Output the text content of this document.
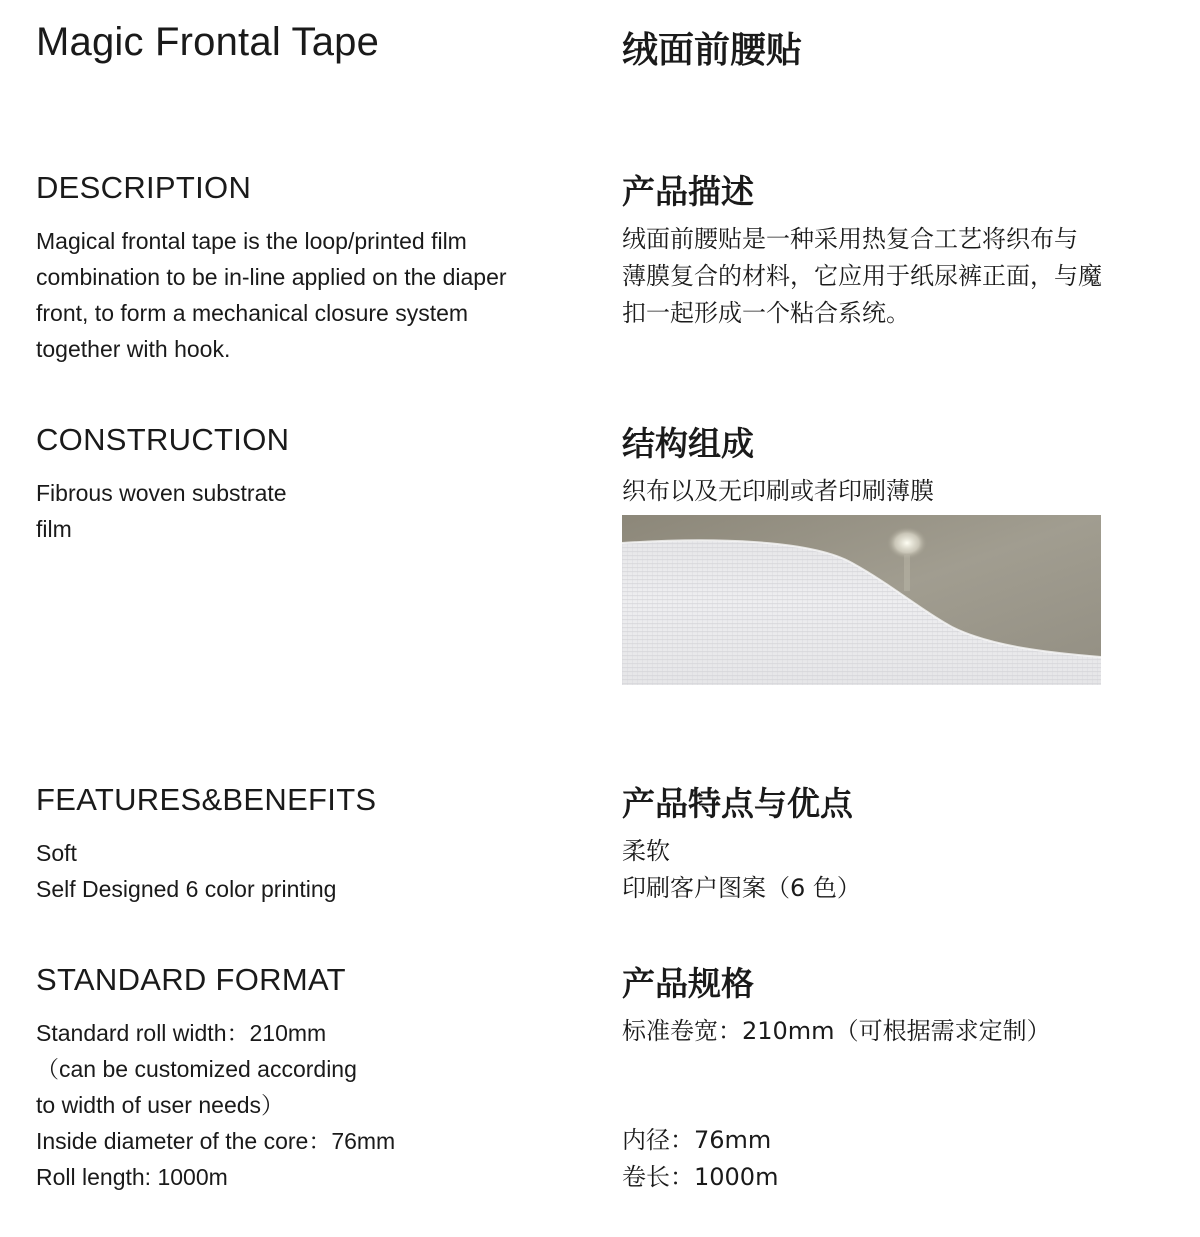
Magic Frontal Tape	绒面前腰贴
DESCRIPTION	产品描述
Magical frontal tape is the loop/printed film
combination to be in-line applied on the diaper
front, to form a mechanical closure system
together with hook.
绒面前腰贴是一种采用热复合工艺将织布与
薄膜复合的材料，它应用于纸尿裤正面，与魔
扣一起形成一个粘合系统。
CONSTRUCTION	结构组成
Fibrous woven substrate
film
织布以及无印刷或者印刷薄膜
FEATURES&BENEFITS	产品特点与优点
Soft
Self Designed 6 color printing
柔软
印刷客户图案（6 色）
STANDARD FORMAT	产品规格
Standard roll width：210mm
（can be customized according
to width of user needs）
Inside diameter of the core：76mm
Roll length: 1000m
标准卷宽：210mm（可根据需求定制）
内径：76mm
卷长：1000m
